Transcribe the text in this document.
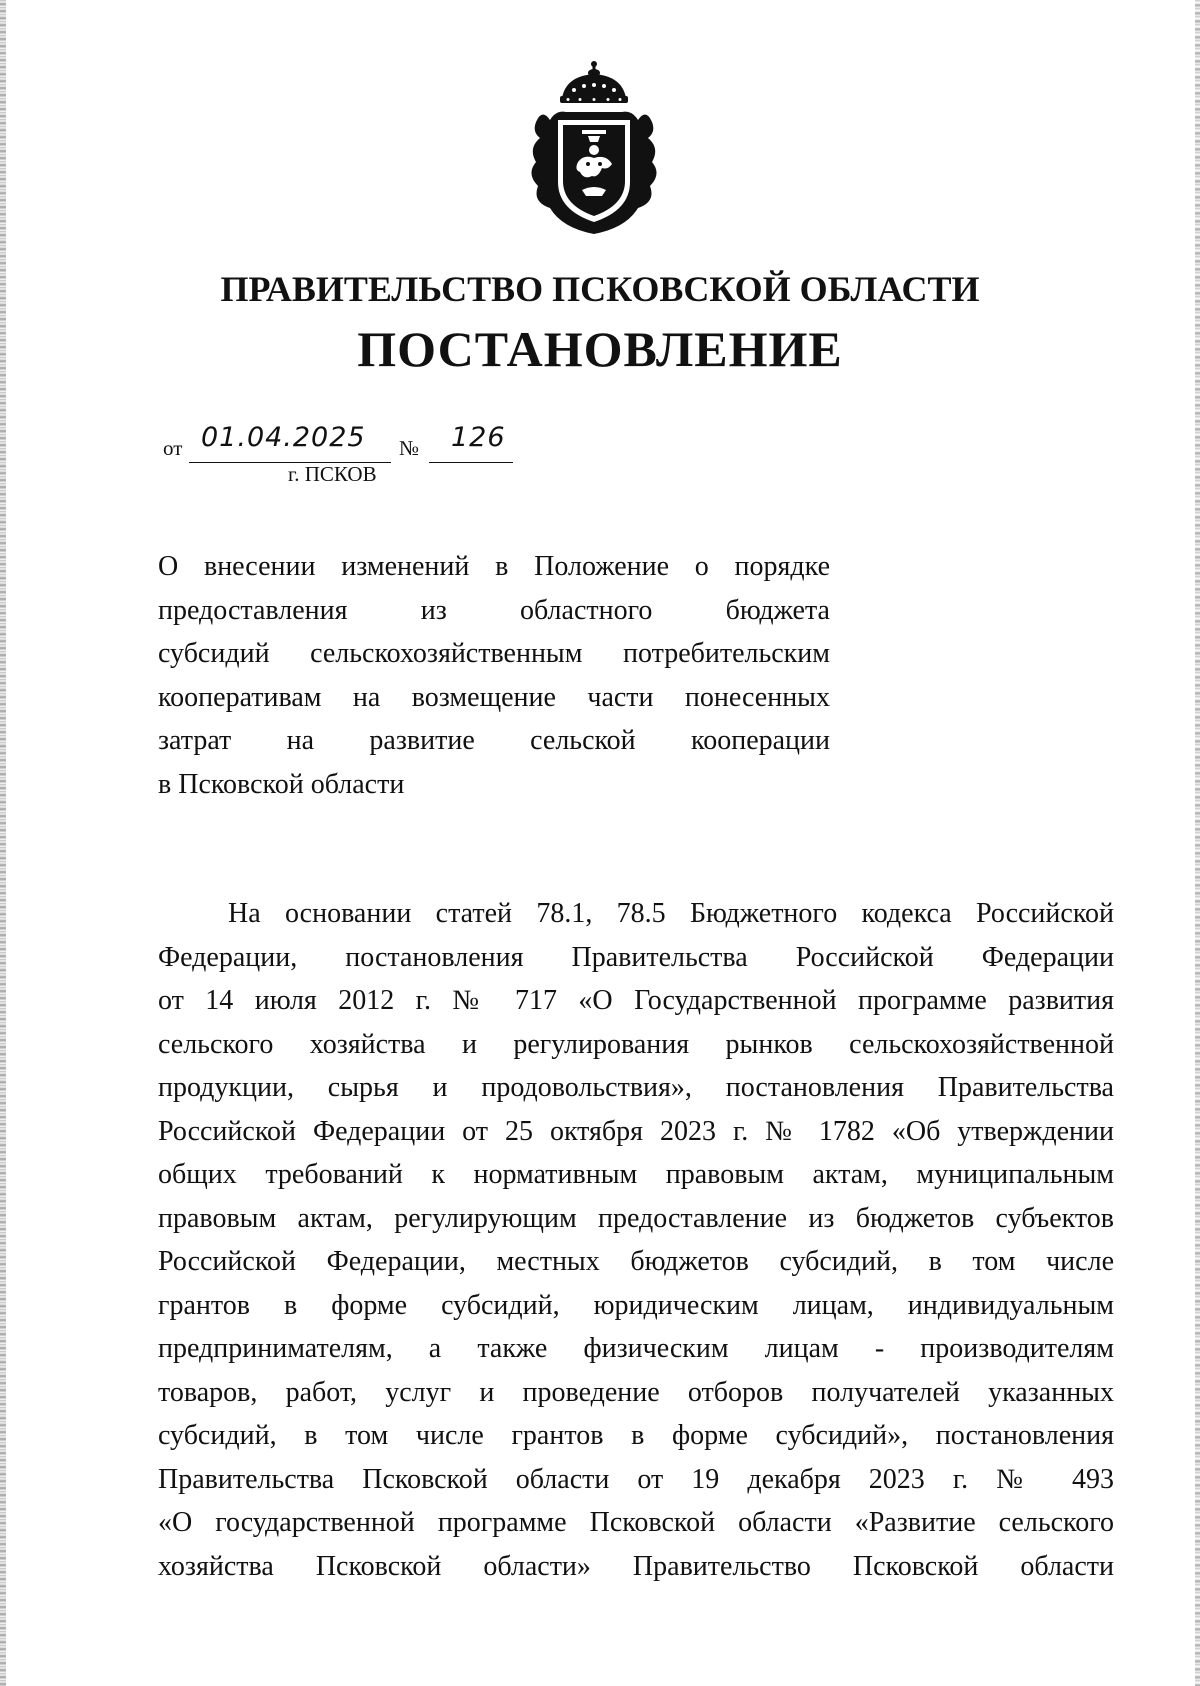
ПРАВИТЕЛЬСТВО ПСКОВСКОЙ ОБЛАСТИ
ПОСТАНОВЛЕНИЕ
от 01.04.2025 № 126
г. ПСКОВ
О внесении изменений в Положение о порядке
предоставления из областного бюджета
субсидий сельскохозяйственным потребительским
кооперативам на возмещение части понесенных
затрат на развитие сельской кооперации
в Псковской области
На основании статей 78.1, 78.5 Бюджетного кодекса Российской
Федерации, постановления Правительства Российской Федерации
от 14 июля 2012 г. № 717 «О Государственной программе развития
сельского хозяйства и регулирования рынков сельскохозяйственной
продукции, сырья и продовольствия», постановления Правительства
Российской Федерации от 25 октября 2023 г. № 1782 «Об утверждении
общих требований к нормативным правовым актам, муниципальным
правовым актам, регулирующим предоставление из бюджетов субъектов
Российской Федерации, местных бюджетов субсидий, в том числе
грантов в форме субсидий, юридическим лицам, индивидуальным
предпринимателям, а также физическим лицам - производителям
товаров, работ, услуг и проведение отборов получателей указанных
субсидий, в том числе грантов в форме субсидий», постановления
Правительства Псковской области от 19 декабря 2023 г. № 493
«О государственной программе Псковской области «Развитие сельского
хозяйства Псковской области» Правительство Псковской области
